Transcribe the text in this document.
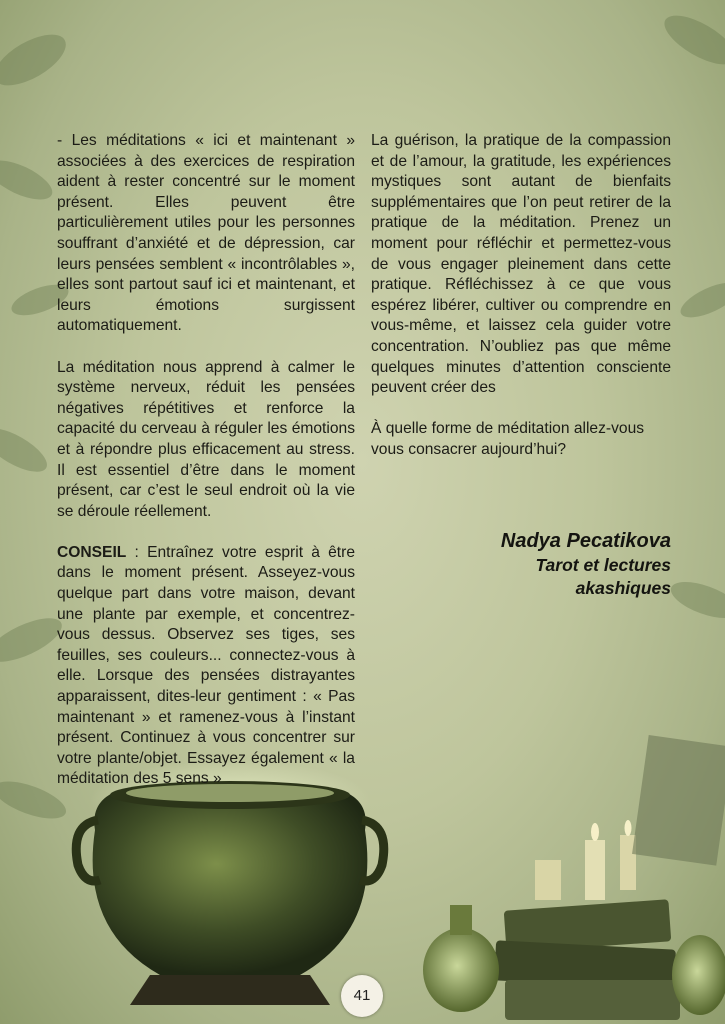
- Les méditations « ici et maintenant » associées à des exercices de respiration aident à rester concentré sur le moment présent. Elles peuvent être particulièrement utiles pour les personnes souffrant d’anxiété et de dépression, car leurs pensées semblent « incontrôlables », elles sont partout sauf ici et maintenant, et leurs émotions surgissent automatiquement.

La méditation nous apprend à calmer le système nerveux, réduit les pensées négatives répétitives et renforce la capacité du cerveau à réguler les émotions et à répondre plus efficacement au stress. Il est essentiel d’être dans le moment présent, car c’est le seul endroit où la vie se déroule réellement.

CONSEIL : Entraînez votre esprit à être dans le moment présent. Asseyez-vous quelque part dans votre maison, devant une plante par exemple, et concentrez-vous dessus. Observez ses tiges, ses feuilles, ses couleurs... connectez-vous à elle. Lorsque des pensées distrayantes apparaissent, dites-leur gentiment : « Pas maintenant » et ramenez-vous à l’instant présent. Continuez à vous concentrer sur votre plante/objet. Essayez également « la méditation des 5 sens »

La guérison, la pratique de la compassion et de l’amour, la gratitude, les expériences mystiques sont autant de bienfaits supplémentaires que l’on peut retirer de la pratique de la méditation. Prenez un moment pour réfléchir et permettez-vous de vous engager pleinement dans cette pratique. Réfléchissez à ce que vous espérez libérer, cultiver ou comprendre en vous-même, et laissez cela guider votre concentration. N’oubliez pas que même quelques minutes d’attention consciente peuvent créer des

À quelle forme de méditation allez-vous vous consacrer aujourd’hui?

Nadya Pecatikova
Tarot et lectures
akashiques
41
